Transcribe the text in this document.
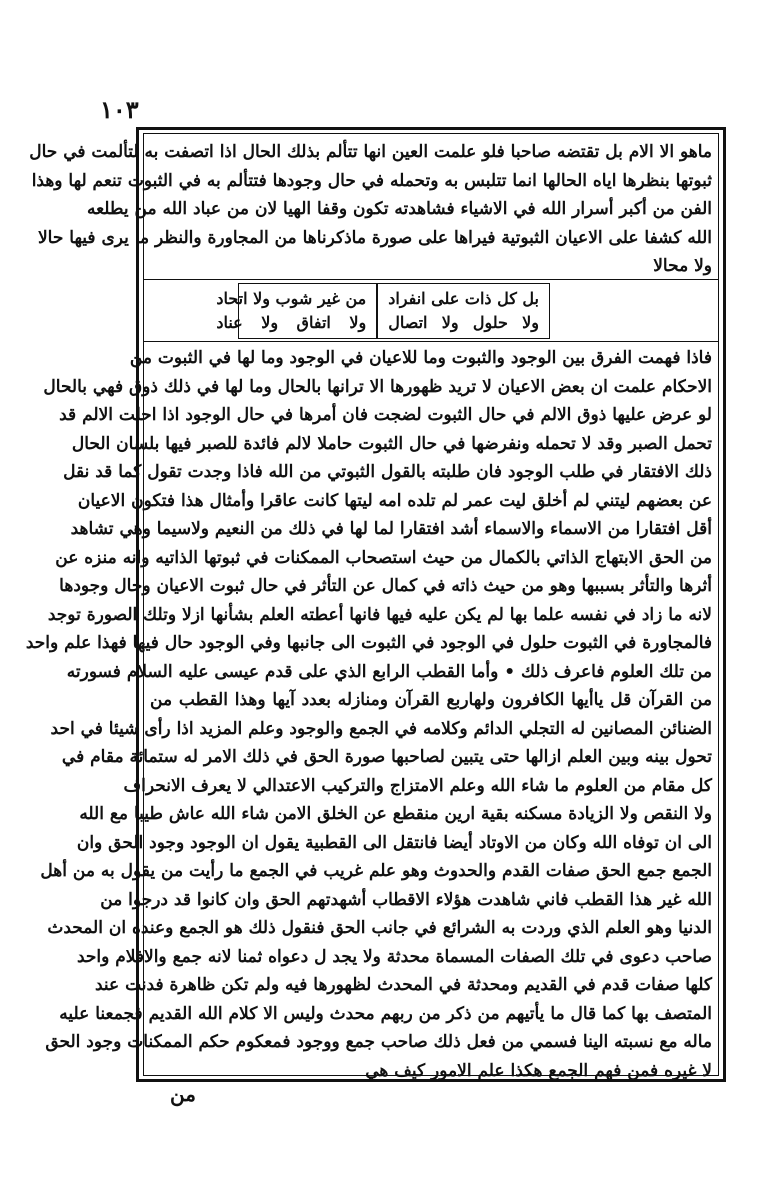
١٠٣
ماهو الا الام بل تقتضه صاحبا فلو علمت العين انها تتألم بذلك الحال اذا اتصفت به لتألمت في حال
ثبوتها بنظرها اياه الحالها انما تتلبس به وتحمله في حال وجودها فتتألم به في الثبوت تنعم لها وهذا
الفن من أكبر أسرار الله في الاشياء فشاهدته تكون وقفا الهيا لان من عباد الله من يطلعه
الله كشفا على الاعيان الثبوتية فيراها على صورة ماذكرناها من المجاورة والنظر ما يرى فيها حالا
ولا محالا
بل كل ذات على انفراد
ولا حلول ولا اتصال
من غير شوب ولا اتحاد
ولا اتفاق ولا عناد
فاذا فهمت الفرق بين الوجود والثبوت وما للاعيان في الوجود وما لها في الثبوت من
الاحكام علمت ان بعض الاعيان لا تريد ظهورها الا ترانها بالحال وما لها في ذلك ذوق فهي بالحال
لو عرض عليها ذوق الالم في حال الثبوت لضجت فان أمرها في حال الوجود اذا احلت الالم قد
تحمل الصبر وقد لا تحمله ونفرضها في حال الثبوت حاملا لالم فائدة للصبر فيها بلسان الحال
ذلك الافتقار في طلب الوجود فان طلبته بالقول الثبوتي من الله فاذا وجدت تقول كما قد نقل
عن بعضهم ليتني لم أخلق ليت عمر لم تلده امه ليتها كانت عاقرا وأمثال هذا فتكون الاعيان
أقل افتقارا من الاسماء والاسماء أشد افتقارا لما لها في ذلك من النعيم ولاسيما وهي تشاهد
من الحق الابتهاج الذاتي بالكمال من حيث استصحاب الممكنات في ثبوتها الذاتيه وانه منزه عن
أثرها والتأثر بسببها وهو من حيث ذاته في كمال عن التأثر في حال ثبوت الاعيان وحال وجودها
لانه ما زاد في نفسه علما بها لم يكن عليه فيها فانها أعطته العلم بشأنها ازلا وتلك الصورة توجد
فالمجاورة في الثبوت حلول في الوجود في الثبوت الى جانبها وفي الوجود حال فيها فهذا علم واحد
من تلك العلوم فاعرف ذلك • وأما القطب الرابع الذي على قدم عيسى عليه السلام فسورته
من القرآن قل ياأيها الكافرون ولهاربع القرآن ومنازله بعدد آيها وهذا القطب من
الضنائن المصانين له التجلي الدائم وكلامه في الجمع والوجود وعلم المزيد اذا رأى شيئا في احد
تحول بينه وبين العلم ازالها حتى يتبين لصاحبها صورة الحق في ذلك الامر له ستمائة مقام في
كل مقام من العلوم ما شاء الله وعلم الامتزاج والتركيب الاعتدالي لا يعرف الانحراف
ولا النقص ولا الزيادة مسكنه بقية ارين منقطع عن الخلق الامن شاء الله عاش طيبا مع الله
الى ان توفاه الله وكان من الاوتاد أيضا فانتقل الى القطبية يقول ان الوجود وجود الحق وان
الجمع جمع الحق صفات القدم والحدوث وهو علم غريب في الجمع ما رأيت من يقول به من أهل
الله غير هذا القطب فاني شاهدت هؤلاء الاقطاب أشهدتهم الحق وان كانوا قد درجوا من
الدنيا وهو العلم الذي وردت به الشرائع في جانب الحق فنقول ذلك هو الجمع وعنده ان المحدث
صاحب دعوى في تلك الصفات المسماة محدثة ولا يجد ل دعواه ثمنا لانه جمع والافلام واحد
كلها صفات قدم في القديم ومحدثة في المحدث لظهورها فيه ولم تكن ظاهرة فدنت عند
المتصف بها كما قال ما يأتيهم من ذكر من ربهم محدث وليس الا كلام الله القديم فجمعنا عليه
ماله مع نسبته الينا فسمي من فعل ذلك صاحب جمع ووجود فمعكوم حكم الممكنات وجود الحق
لا غيره فمن فهم الجمع هكذا علم الامور كيف هي
من
